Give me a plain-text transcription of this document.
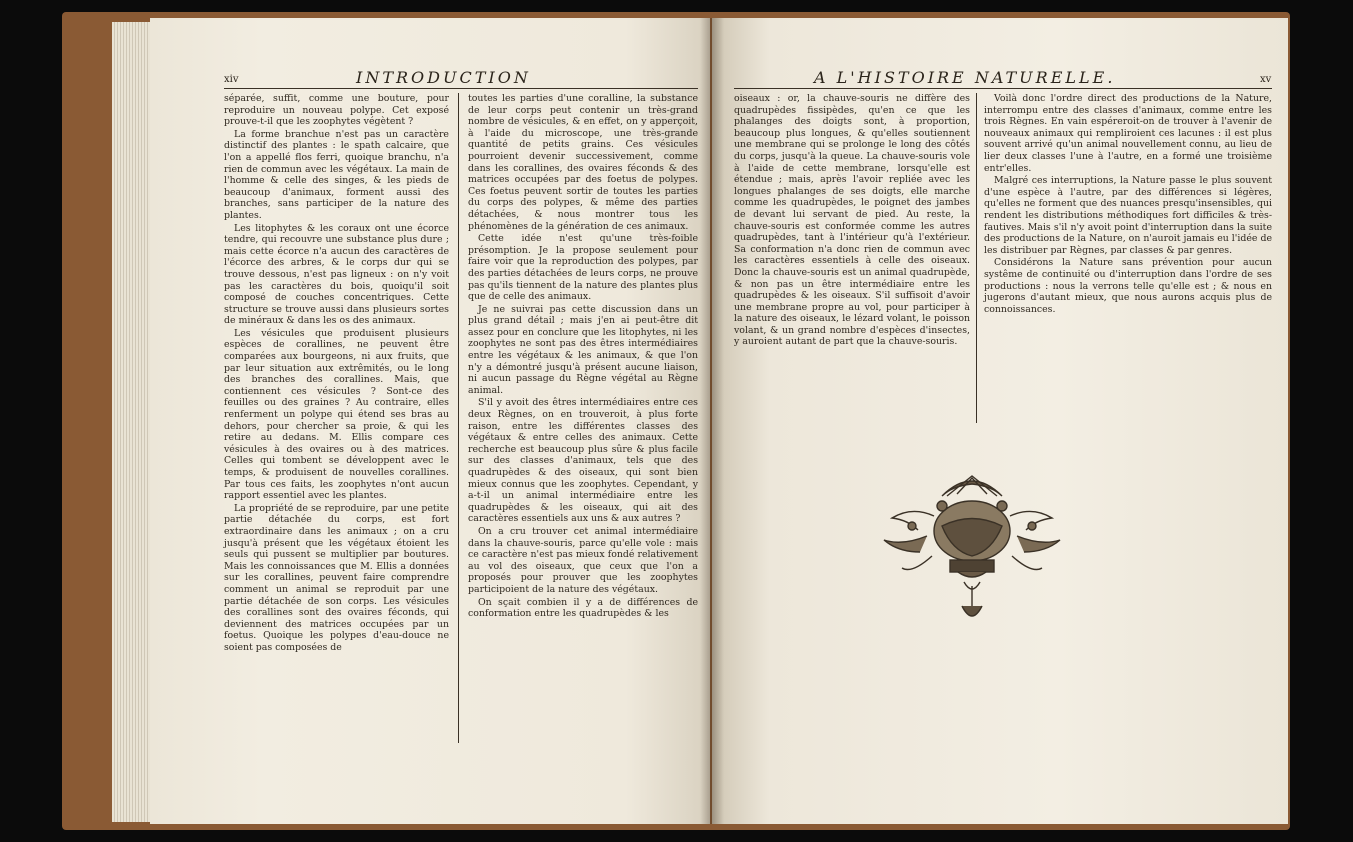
xiv	INTRODUCTION

séparée, suffit, comme une bouture, pour reproduire un nouveau polype. Cet exposé prouve-t-il que les zoophytes végètent ?

La forme branchue n'est pas un caractère distinctif des plantes : le spath calcaire, que l'on a appellé flos ferri, quoique branchu, n'a rien de commun avec les végétaux. La main de l'homme & celle des singes, & les pieds de beaucoup d'animaux, forment aussi des branches, sans participer de la nature des plantes.

Les litophytes & les coraux ont une écorce tendre, qui recouvre une substance plus dure ; mais cette écorce n'a aucun des caractères de l'écorce des arbres, & le corps dur qui se trouve dessous, n'est pas ligneux : on n'y voit pas les caractères du bois, quoiqu'il soit composé de couches concentriques. Cette structure se trouve aussi dans plusieurs sortes de minéraux & dans les os des animaux.

Les vésicules que produisent plusieurs espèces de corallines, ne peuvent être comparées aux bourgeons, ni aux fruits, que par leur situation aux extrêmités, ou le long des branches des corallines. Mais, que contiennent ces vésicules ? Sont-ce des feuilles ou des graines ? Au contraire, elles renferment un polype qui étend ses bras au dehors, pour chercher sa proie, & qui les retire au dedans. M. Ellis compare ces vésicules à des ovaires ou à des matrices. Celles qui tombent se développent avec le temps, & produisent de nouvelles corallines. Par tous ces faits, les zoophytes n'ont aucun rapport essentiel avec les plantes.

La propriété de se reproduire, par une petite partie détachée du corps, est fort extraordinaire dans les animaux ; on a cru jusqu'à présent que les végétaux étoient les seuls qui pussent se multiplier par boutures. Mais les connoissances que M. Ellis a données sur les corallines, peuvent faire comprendre comment un animal se reproduit par une partie détachée de son corps. Les vésicules des corallines sont des ovaires féconds, qui deviennent des matrices occupées par un foetus. Quoique les polypes d'eau-douce ne soient pas composées de

toutes les parties d'une coralline, la substance de leur corps peut contenir un très-grand nombre de vésicules, & en effet, on y apperçoit, à l'aide du microscope, une très-grande quantité de petits grains. Ces vésicules pourroient devenir successivement, comme dans les corallines, des ovaires féconds & des matrices occupées par des foetus de polypes. Ces foetus peuvent sortir de toutes les parties du corps des polypes, & même des parties détachées, & nous montrer tous les phénomènes de la génération de ces animaux.

Cette idée n'est qu'une très-foible présomption. Je la propose seulement pour faire voir que la reproduction des polypes, par des parties détachées de leurs corps, ne prouve pas qu'ils tiennent de la nature des plantes plus que de celle des animaux.

Je ne suivrai pas cette discussion dans un plus grand détail ; mais j'en ai peut-être dit assez pour en conclure que les litophytes, ni les zoophytes ne sont pas des êtres intermédiaires entre les végétaux & les animaux, & que l'on n'y a démontré jusqu'à présent aucune liaison, ni aucun passage du Règne végétal au Règne animal.

S'il y avoit des êtres intermédiaires entre ces deux Règnes, on en trouveroit, à plus forte raison, entre les différentes classes des végétaux & entre celles des animaux. Cette recherche est beaucoup plus sûre & plus facile sur des classes d'animaux, tels que des quadrupèdes & des oiseaux, qui sont bien mieux connus que les zoophytes. Cependant, y a-t-il un animal intermédiaire entre les quadrupèdes & les oiseaux, qui ait des caractères essentiels aux uns & aux autres ?

On a cru trouver cet animal intermédiaire dans la chauve-souris, parce qu'elle vole : mais ce caractère n'est pas mieux fondé relativement au vol des oiseaux, que ceux que l'on a proposés pour prouver que les zoophytes participoient de la nature des végétaux.

On sçait combien il y a de différences de conformation entre les quadrupèdes & les

A L'HISTOIRE NATURELLE.	xv

oiseaux : or, la chauve-souris ne diffère des quadrupèdes fissipèdes, qu'en ce que les phalanges des doigts sont, à proportion, beaucoup plus longues, & qu'elles soutiennent une membrane qui se prolonge le long des côtés du corps, jusqu'à la queue. La chauve-souris vole à l'aide de cette membrane, lorsqu'elle est étendue ; mais, après l'avoir repliée avec les longues phalanges de ses doigts, elle marche comme les quadrupèdes, le poignet des jambes de devant lui servant de pied. Au reste, la chauve-souris est conformée comme les autres quadrupèdes, tant à l'intérieur qu'à l'extérieur. Sa conformation n'a donc rien de commun avec les caractères essentiels à celle des oiseaux. Donc la chauve-souris est un animal quadrupède, & non pas un être intermédiaire entre les quadrupèdes & les oiseaux. S'il suffisoit d'avoir une membrane propre au vol, pour participer à la nature des oiseaux, le lézard volant, le poisson volant, & un grand nombre d'espèces d'insectes, y auroient autant de part que la chauve-souris.

Voilà donc l'ordre direct des productions de la Nature, interrompu entre des classes d'animaux, comme entre les trois Règnes. En vain espéreroit-on de trouver à l'avenir de nouveaux animaux qui rempliroient ces lacunes : il est plus souvent arrivé qu'un animal nouvellement connu, au lieu de lier deux classes l'une à l'autre, en a formé une troisième entr'elles.

Malgré ces interruptions, la Nature passe le plus souvent d'une espèce à l'autre, par des différences si légères, qu'elles ne forment que des nuances presqu'insensibles, qui rendent les distributions méthodiques fort difficiles & très-fautives. Mais s'il n'y avoit point d'interruption dans la suite des productions de la Nature, on n'auroit jamais eu l'idée de les distribuer par Règnes, par classes & par genres.

Considérons la Nature sans prévention pour aucun systême de continuité ou d'interruption dans l'ordre de ses productions : nous la verrons telle qu'elle est ; & nous en jugerons d'autant mieux, que nous aurons acquis plus de connoissances.
